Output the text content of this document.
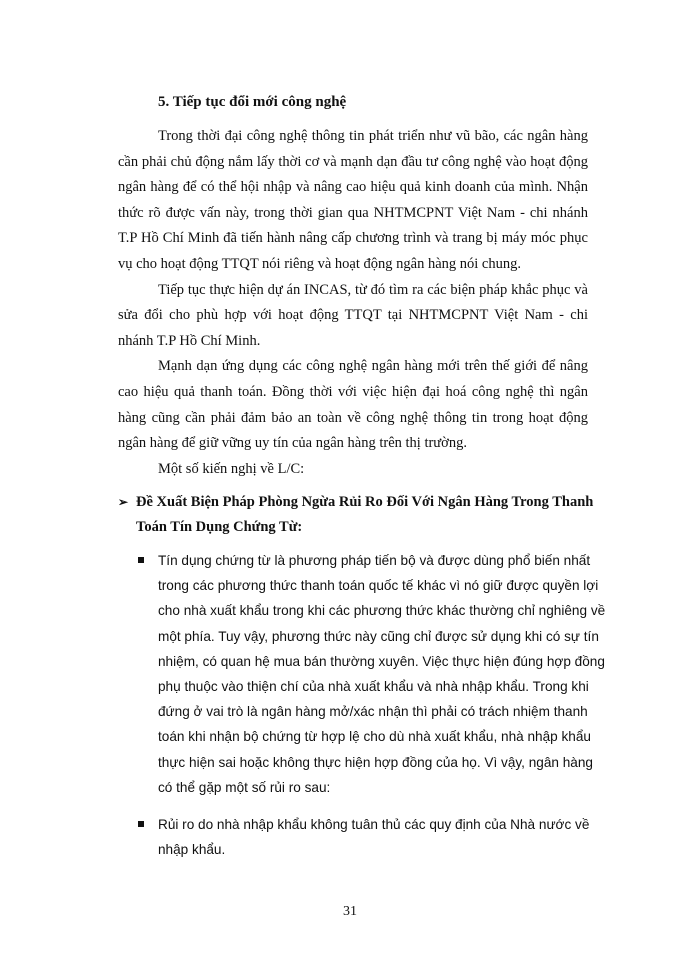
5. Tiếp tục đổi mới công nghệ

Trong thời đại công nghệ thông tin phát triển như vũ bão, các ngân hàng cần phải chủ động nắm lấy thời cơ và mạnh dạn đầu tư công nghệ vào hoạt động ngân hàng để có thể hội nhập và nâng cao hiệu quả kinh doanh của mình. Nhận thức rõ được vấn này, trong thời gian qua NHTMCPNT Việt Nam - chi nhánh T.P Hồ Chí Minh đã tiến hành nâng cấp chương trình và trang bị máy móc phục vụ cho hoạt động TTQT nói riêng và hoạt động ngân hàng nói chung.

Tiếp tục thực hiện dự án INCAS, từ đó tìm ra các biện pháp khắc phục và sửa đổi cho phù hợp với hoạt động TTQT tại NHTMCPNT Việt Nam - chi nhánh T.P Hồ Chí Minh.

Mạnh dạn ứng dụng các công nghệ ngân hàng mới trên thế giới để nâng cao hiệu quả thanh toán. Đồng thời với việc hiện đại hoá công nghệ thì ngân hàng cũng cần phải đảm bảo an toàn về công nghệ thông tin trong hoạt động ngân hàng để giữ vững uy tín của ngân hàng trên thị trường.

Một số kiến nghị về L/C:

➢ Đề Xuất Biện Pháp Phòng Ngừa Rủi Ro Đối Với Ngân Hàng Trong Thanh
Toán Tín Dụng Chứng Từ:
Tín dụng chứng từ là phương pháp tiến bộ và được dùng phổ biến nhất trong các phương thức thanh toán quốc tế khác vì nó giữ được quyền lợi cho nhà xuất khẩu trong khi các phương thức khác thường chỉ nghiêng về một phía. Tuy vậy, phương thức này cũng chỉ được sử dụng khi có sự tín nhiệm, có quan hệ mua bán thường xuyên. Việc thực hiện đúng hợp đồng phụ thuộc vào thiện chí của nhà xuất khẩu và nhà nhập khẩu. Trong khi đứng ở vai trò là ngân hàng mở/xác nhận thì phải có trách nhiệm thanh toán khi nhận bộ chứng từ hợp lệ cho dù nhà xuất khẩu, nhà nhập khẩu thực hiện sai hoặc không thực hiện hợp đồng của họ. Vì vậy, ngân hàng có thể gặp một số rủi ro sau:
Rủi ro do nhà nhập khẩu không tuân thủ các quy định của Nhà nước về nhập khẩu.
31
